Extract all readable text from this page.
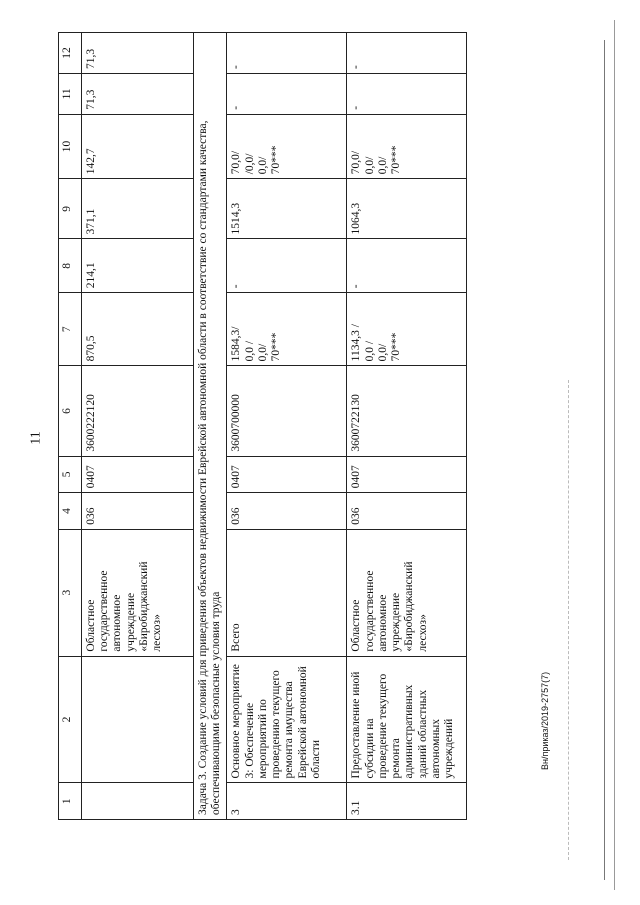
11
1	2	3	4	5	6	7	8	9	10	11	12
		Областное государственное автономное учреждение «Биробиджанский лесхоз»	036	0407	3600222120	870,5	214,1	371,1	142,7	71,3	71,3
Задача 3. Создание условий для приведения объектов недвижимости Еврейской автономной области в соответствие со стандартами качества, обеспечивающими безопасные условия труда											
3	Основное мероприятие 3: Обеспечение мероприятий по проведению текущего ремонта имущества Еврейской автономной области	Всего	036	0407	3600700000	1584,3/ 0,0 / 0,0/ 70***	-	1514,3	70,0/ /0,0/ 0,0/ 70***	-	-
3.1	Предоставление иной субсидии на проведение текущего ремонта административных зданий областных автономных учреждений	Областное государственное автономное учреждение «Биробиджанский лесхоз»	036	0407	3600722130	1134,3 / 0,0 / 0,0/ 70***	-	1064,3	70,0/ 0,0/ 0,0/ 70***	-	-
Вн/приказ/2019-2757(7)
